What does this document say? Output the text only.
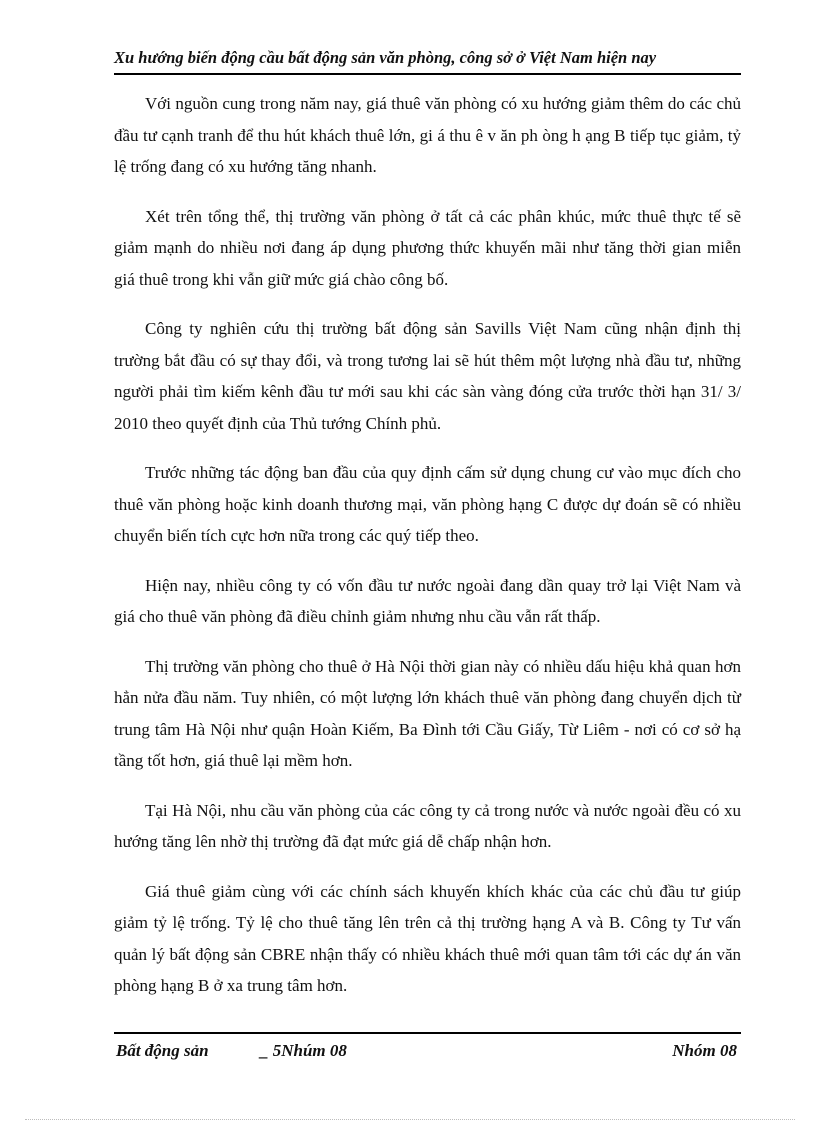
Xu hướng biến động cầu bất động sản văn phòng, công sở ở Việt Nam hiện nay

Với nguồn cung trong năm nay, giá thuê văn phòng có xu hướng giảm thêm do các chủ đầu tư cạnh tranh để thu hút khách thuê lớn, gi á thu ê v ăn ph òng h ạng B tiếp tục giảm, tỷ lệ trống đang có xu hướng tăng nhanh.

Xét trên tổng thể, thị trường văn phòng ở tất cả các phân khúc, mức thuê thực tế sẽ giảm mạnh do nhiều nơi đang áp dụng phương thức khuyến mãi như tăng thời gian miễn giá thuê trong khi vẫn giữ mức giá chào công bố.

Công ty nghiên cứu thị trường bất động sản Savills Việt Nam cũng nhận định thị trường bắt đầu có sự thay đổi, và trong tương lai sẽ hút thêm một lượng nhà đầu tư, những người phải tìm kiếm kênh đầu tư mới sau khi các sàn vàng đóng cửa trước thời hạn 31/ 3/ 2010 theo quyết định của Thủ tướng Chính phủ.

Trước những tác động ban đầu của quy định cấm sử dụng chung cư vào mục đích cho thuê văn phòng hoặc kinh doanh thương mại, văn phòng hạng C được dự đoán sẽ có nhiều chuyển biến tích cực hơn nữa trong các quý tiếp theo.

Hiện nay, nhiều công ty có vốn đầu tư nước ngoài đang dần quay trở lại Việt Nam và giá cho thuê văn phòng đã điều chỉnh giảm nhưng nhu cầu vẫn rất thấp.

Thị trường văn phòng cho thuê ở Hà Nội thời gian này có nhiều dấu hiệu khả quan hơn hẳn nửa đầu năm. Tuy nhiên, có một lượng lớn khách thuê văn phòng đang chuyển dịch từ trung tâm Hà Nội như quận Hoàn Kiếm, Ba Đình tới Cầu Giấy, Từ Liêm - nơi có cơ sở hạ tầng tốt hơn, giá thuê lại mềm hơn.

Tại Hà Nội, nhu cầu văn phòng của các công ty cả trong nước và nước ngoài đều có xu hướng tăng lên nhờ thị trường đã đạt mức giá dễ chấp nhận hơn.

Giá thuê giảm cùng với các chính sách khuyến khích khác của các chủ đầu tư giúp giảm tỷ lệ trống. Tỷ lệ cho thuê tăng lên trên cả thị trường hạng A và B. Công ty Tư vấn quản lý bất động sản CBRE nhận thấy có nhiều khách thuê mới quan tâm tới các dự án văn phòng hạng B ở xa trung tâm hơn.

Bất động sản	_ 5Nhúm 08	Nhóm 08
